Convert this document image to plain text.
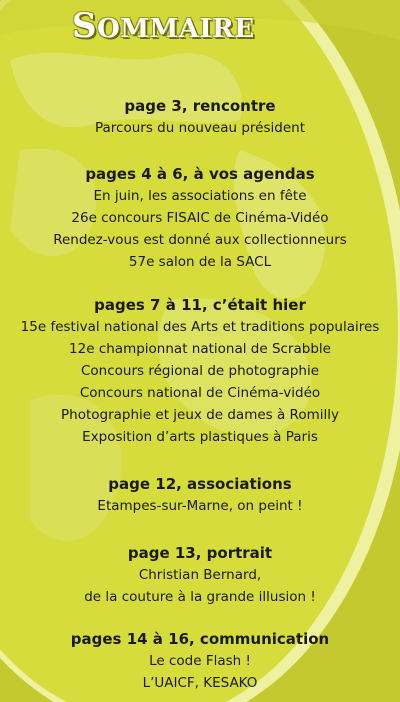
SOMMAIRE
page 3, rencontre
Parcours du nouveau président
pages 4 à 6, à vos agendas
En juin, les associations en fête
26e concours FISAIC de Cinéma-Vidéo
Rendez-vous est donné aux collectionneurs
57e salon de la SACL
pages 7 à 11, c’était hier
15e festival national des Arts et traditions populaires
12e championnat national de Scrabble
Concours régional de photographie
Concours national de Cinéma-vidéo
Photographie et jeux de dames à Romilly
Exposition d’arts plastiques à Paris
page 12, associations
Etampes-sur-Marne, on peint !
page 13, portrait
Christian Bernard,
de la couture à la grande illusion !
pages 14 à 16, communication
Le code Flash !
L’UAICF, KESAKO
